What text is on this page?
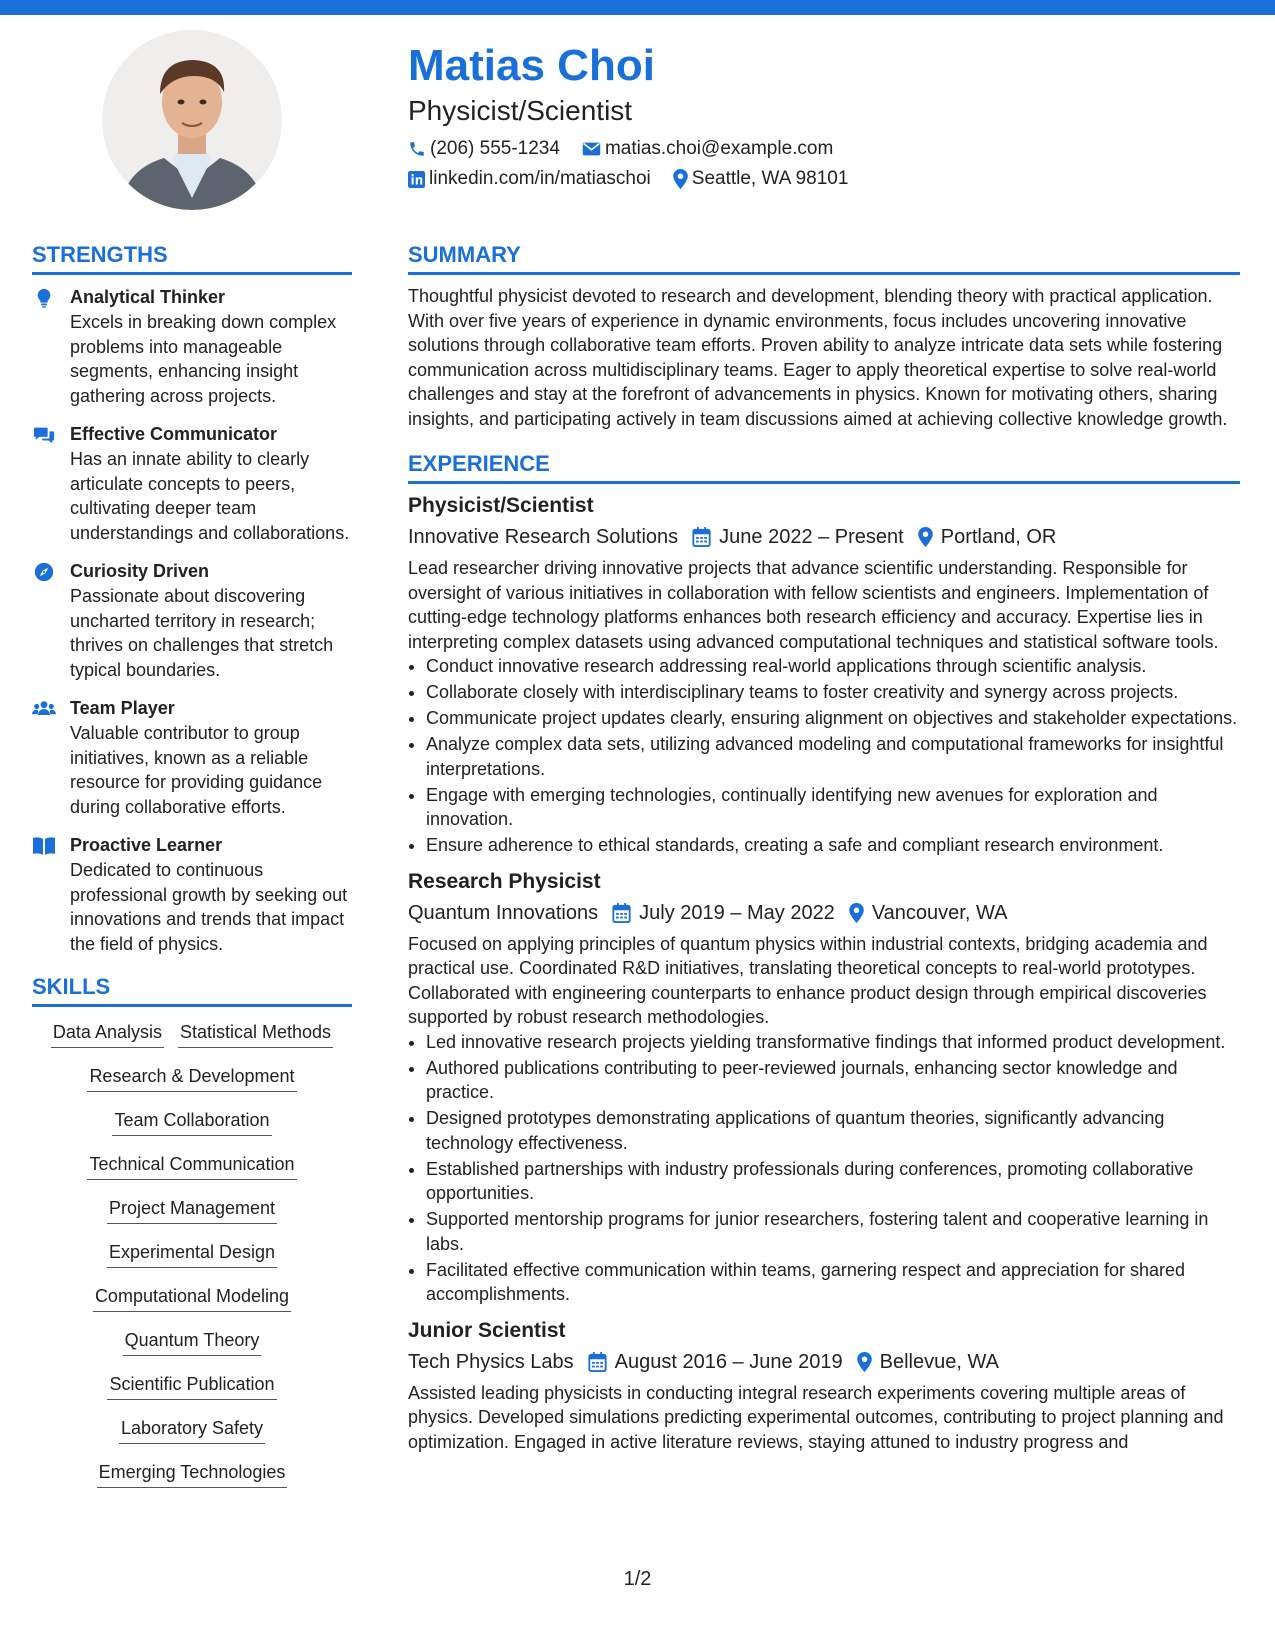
Matias Choi
Physicist/Scientist
(206) 555-1234 matias.choi@example.com
linkedin.com/in/matiaschoi Seattle, WA 98101
STRENGTHS
Analytical Thinker
Excels in breaking down complex problems into manageable segments, enhancing insight gathering across projects.
Effective Communicator
Has an innate ability to clearly articulate concepts to peers, cultivating deeper team understandings and collaborations.
Curiosity Driven
Passionate about discovering uncharted territory in research; thrives on challenges that stretch typical boundaries.
Team Player
Valuable contributor to group initiatives, known as a reliable resource for providing guidance during collaborative efforts.
Proactive Learner
Dedicated to continuous professional growth by seeking out innovations and trends that impact the field of physics.
SKILLS
Data Analysis Statistical Methods
Research & Development
Team Collaboration
Technical Communication
Project Management
Experimental Design
Computational Modeling
Quantum Theory
Scientific Publication
Laboratory Safety
Emerging Technologies
SUMMARY
Thoughtful physicist devoted to research and development, blending theory with practical application. With over five years of experience in dynamic environments, focus includes uncovering innovative solutions through collaborative team efforts. Proven ability to analyze intricate data sets while fostering communication across multidisciplinary teams. Eager to apply theoretical expertise to solve real-world challenges and stay at the forefront of advancements in physics. Known for motivating others, sharing insights, and participating actively in team discussions aimed at achieving collective knowledge growth.
EXPERIENCE
Physicist/Scientist
Innovative Research Solutions June 2022 – Present Portland, OR
Lead researcher driving innovative projects that advance scientific understanding. Responsible for oversight of various initiatives in collaboration with fellow scientists and engineers. Implementation of cutting-edge technology platforms enhances both research efficiency and accuracy. Expertise lies in interpreting complex datasets using advanced computational techniques and statistical software tools.
• Conduct innovative research addressing real-world applications through scientific analysis.
• Collaborate closely with interdisciplinary teams to foster creativity and synergy across projects.
• Communicate project updates clearly, ensuring alignment on objectives and stakeholder expectations.
• Analyze complex data sets, utilizing advanced modeling and computational frameworks for insightful interpretations.
• Engage with emerging technologies, continually identifying new avenues for exploration and innovation.
• Ensure adherence to ethical standards, creating a safe and compliant research environment.
Research Physicist
Quantum Innovations July 2019 – May 2022 Vancouver, WA
Focused on applying principles of quantum physics within industrial contexts, bridging academia and practical use. Coordinated R&D initiatives, translating theoretical concepts to real-world prototypes. Collaborated with engineering counterparts to enhance product design through empirical discoveries supported by robust research methodologies.
• Led innovative research projects yielding transformative findings that informed product development.
• Authored publications contributing to peer-reviewed journals, enhancing sector knowledge and practice.
• Designed prototypes demonstrating applications of quantum theories, significantly advancing technology effectiveness.
• Established partnerships with industry professionals during conferences, promoting collaborative opportunities.
• Supported mentorship programs for junior researchers, fostering talent and cooperative learning in labs.
• Facilitated effective communication within teams, garnering respect and appreciation for shared accomplishments.
Junior Scientist
Tech Physics Labs August 2016 – June 2019 Bellevue, WA
Assisted leading physicists in conducting integral research experiments covering multiple areas of physics. Developed simulations predicting experimental outcomes, contributing to project planning and optimization. Engaged in active literature reviews, staying attuned to industry progress and
1/2
